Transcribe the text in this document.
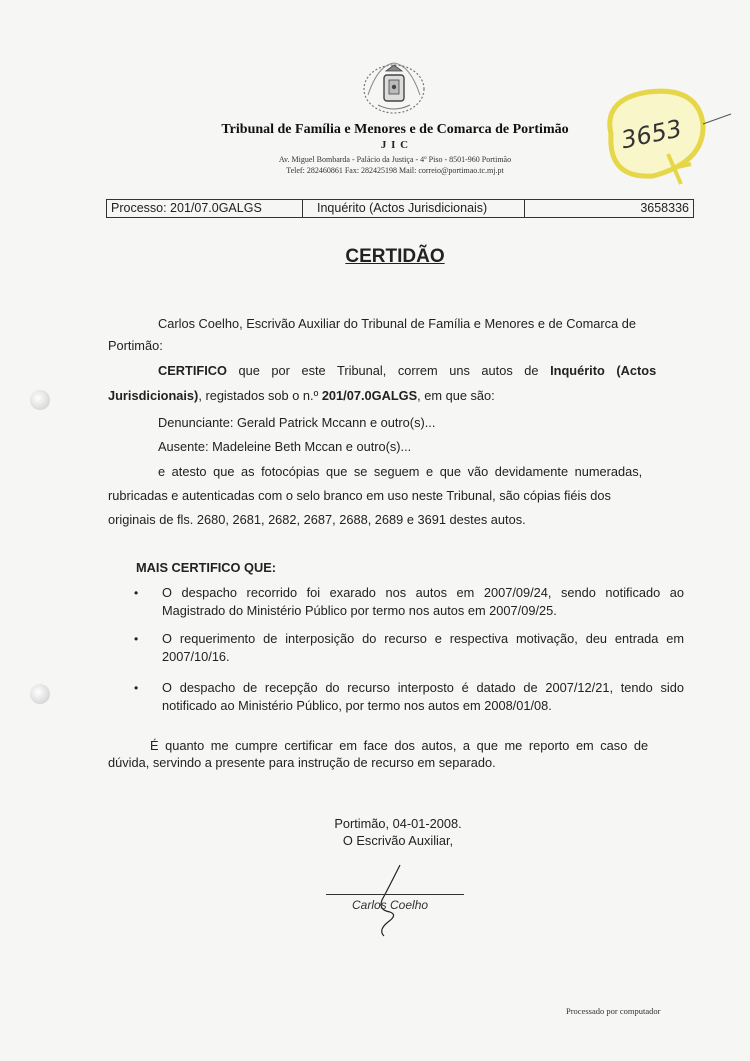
Tribunal de Família e Menores e de Comarca de Portimão
J I C
Av. Miguel Bombarda - Palácio da Justiça - 4º Piso - 8501-960 Portimão
Telef: 282460861 Fax: 282425198 Mail: correio@portimao.tc.mj.pt
3653
Processo: 201/07.0GALGS	Inquérito (Actos Jurisdicionais)	3658336
CERTIDÃO
Carlos Coelho, Escrivão Auxiliar do Tribunal de Família e Menores e de Comarca de
Portimão:
CERTIFICO que por este Tribunal, correm uns autos de Inquérito (Actos
Jurisdicionais), registados sob o n.º 201/07.0GALGS, em que são:
Denunciante: Gerald Patrick Mccann e outro(s)...
Ausente: Madeleine Beth Mccan e outro(s)...
e atesto que as fotocópias que se seguem e que vão devidamente numeradas,
rubricadas e autenticadas com o selo branco em uso neste Tribunal, são cópias fiéis dos
originais de fls. 2680, 2681, 2682, 2687, 2688, 2689 e 3691 destes autos.
MAIS CERTIFICO QUE:
• O despacho recorrido foi exarado nos autos em 2007/09/24, sendo notificado ao Magistrado do Ministério Público por termo nos autos em 2007/09/25.
• O requerimento de interposição do recurso e respectiva motivação, deu entrada em 2007/10/16.
• O despacho de recepção do recurso interposto é datado de 2007/12/21, tendo sido notificado ao Ministério Público, por termo nos autos em 2008/01/08.
É quanto me cumpre certificar em face dos autos, a que me reporto em caso de
dúvida, servindo a presente para instrução de recurso em separado.
Portimão, 04-01-2008.
O Escrivão Auxiliar,
Carlos Coelho
Processado por computador
